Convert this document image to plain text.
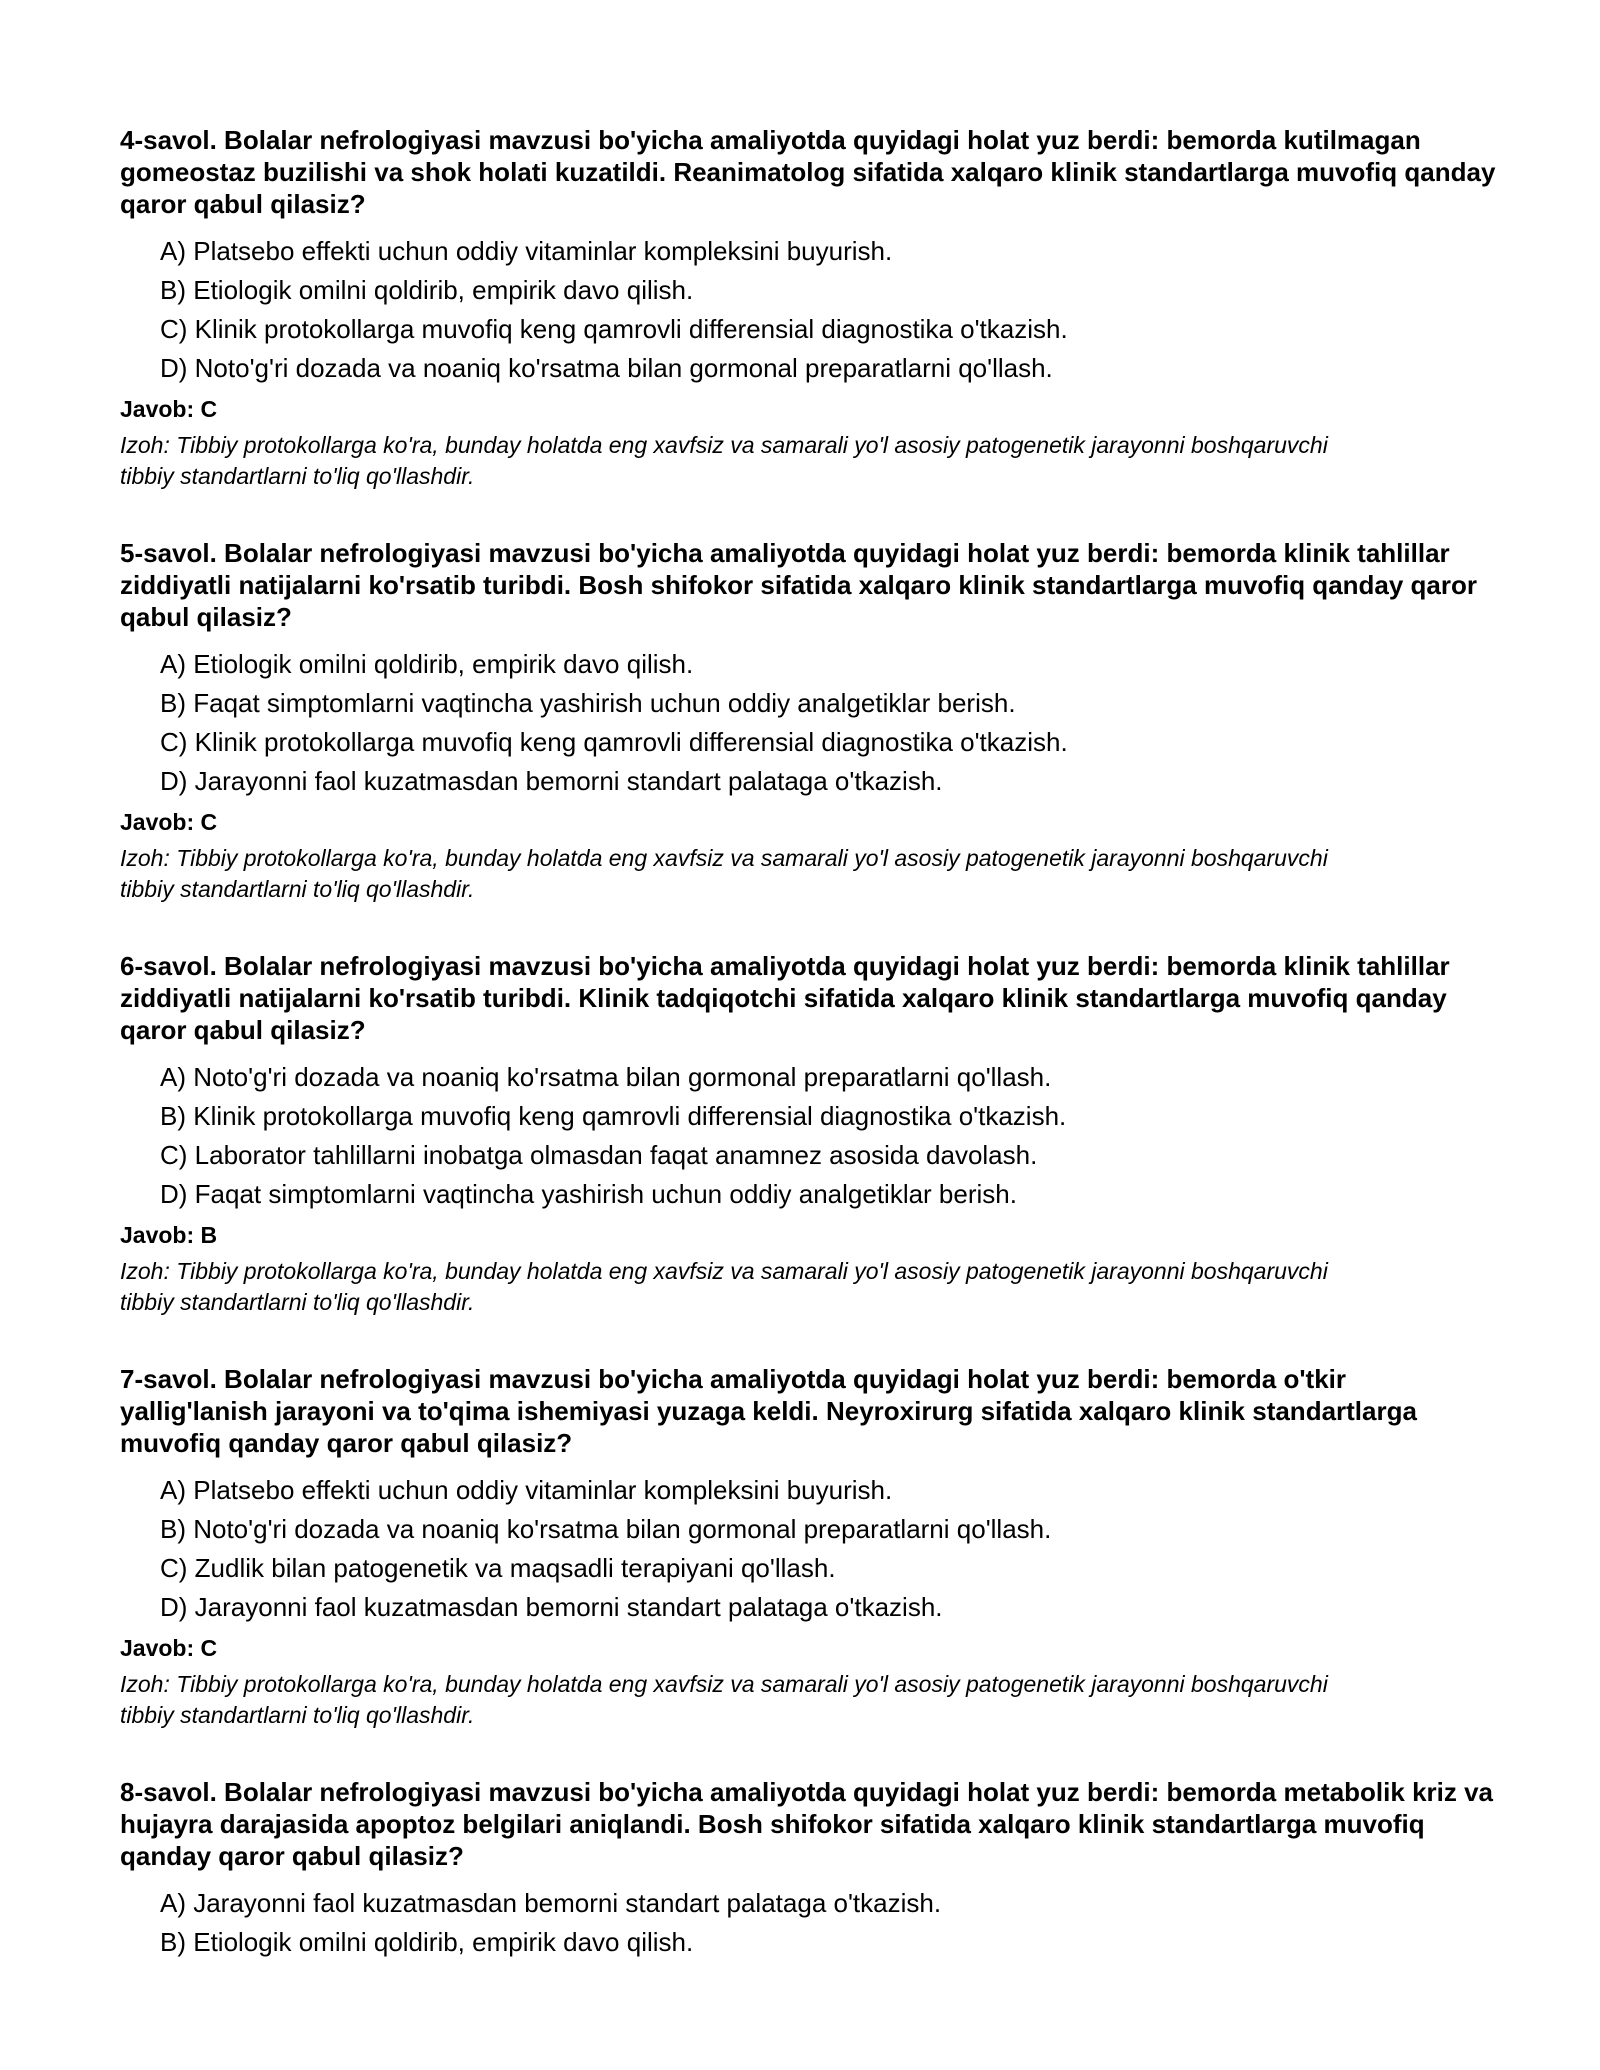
4-savol. Bolalar nefrologiyasi mavzusi bo'yicha amaliyotda quyidagi holat yuz berdi: bemorda kutilmagan gomeostaz buzilishi va shok holati kuzatildi. Reanimatolog sifatida xalqaro klinik standartlarga muvofiq qanday qaror qabul qilasiz?
A) Platsebo effekti uchun oddiy vitaminlar kompleksini buyurish.
B) Etiologik omilni qoldirib, empirik davo qilish.
C) Klinik protokollarga muvofiq keng qamrovli differensial diagnostika o'tkazish.
D) Noto'g'ri dozada va noaniq ko'rsatma bilan gormonal preparatlarni qo'llash.
Javob: C

Izoh: Tibbiy protokollarga ko'ra, bunday holatda eng xavfsiz va samarali yo'l asosiy patogenetik jarayonni boshqaruvchi tibbiy standartlarni to'liq qo'llashdir.

5-savol. Bolalar nefrologiyasi mavzusi bo'yicha amaliyotda quyidagi holat yuz berdi: bemorda klinik tahlillar ziddiyatli natijalarni ko'rsatib turibdi. Bosh shifokor sifatida xalqaro klinik standartlarga muvofiq qanday qaror qabul qilasiz?
A) Etiologik omilni qoldirib, empirik davo qilish.
B) Faqat simptomlarni vaqtincha yashirish uchun oddiy analgetiklar berish.
C) Klinik protokollarga muvofiq keng qamrovli differensial diagnostika o'tkazish.
D) Jarayonni faol kuzatmasdan bemorni standart palataga o'tkazish.
Javob: C

Izoh: Tibbiy protokollarga ko'ra, bunday holatda eng xavfsiz va samarali yo'l asosiy patogenetik jarayonni boshqaruvchi tibbiy standartlarni to'liq qo'llashdir.

6-savol. Bolalar nefrologiyasi mavzusi bo'yicha amaliyotda quyidagi holat yuz berdi: bemorda klinik tahlillar ziddiyatli natijalarni ko'rsatib turibdi. Klinik tadqiqotchi sifatida xalqaro klinik standartlarga muvofiq qanday qaror qabul qilasiz?
A) Noto'g'ri dozada va noaniq ko'rsatma bilan gormonal preparatlarni qo'llash.
B) Klinik protokollarga muvofiq keng qamrovli differensial diagnostika o'tkazish.
C) Laborator tahlillarni inobatga olmasdan faqat anamnez asosida davolash.
D) Faqat simptomlarni vaqtincha yashirish uchun oddiy analgetiklar berish.
Javob: B

Izoh: Tibbiy protokollarga ko'ra, bunday holatda eng xavfsiz va samarali yo'l asosiy patogenetik jarayonni boshqaruvchi tibbiy standartlarni to'liq qo'llashdir.

7-savol. Bolalar nefrologiyasi mavzusi bo'yicha amaliyotda quyidagi holat yuz berdi: bemorda o'tkir yallig'lanish jarayoni va to'qima ishemiyasi yuzaga keldi. Neyroxirurg sifatida xalqaro klinik standartlarga muvofiq qanday qaror qabul qilasiz?
A) Platsebo effekti uchun oddiy vitaminlar kompleksini buyurish.
B) Noto'g'ri dozada va noaniq ko'rsatma bilan gormonal preparatlarni qo'llash.
C) Zudlik bilan patogenetik va maqsadli terapiyani qo'llash.
D) Jarayonni faol kuzatmasdan bemorni standart palataga o'tkazish.
Javob: C

Izoh: Tibbiy protokollarga ko'ra, bunday holatda eng xavfsiz va samarali yo'l asosiy patogenetik jarayonni boshqaruvchi tibbiy standartlarni to'liq qo'llashdir.

8-savol. Bolalar nefrologiyasi mavzusi bo'yicha amaliyotda quyidagi holat yuz berdi: bemorda metabolik kriz va hujayra darajasida apoptoz belgilari aniqlandi. Bosh shifokor sifatida xalqaro klinik standartlarga muvofiq qanday qaror qabul qilasiz?
A) Jarayonni faol kuzatmasdan bemorni standart palataga o'tkazish.
B) Etiologik omilni qoldirib, empirik davo qilish.
